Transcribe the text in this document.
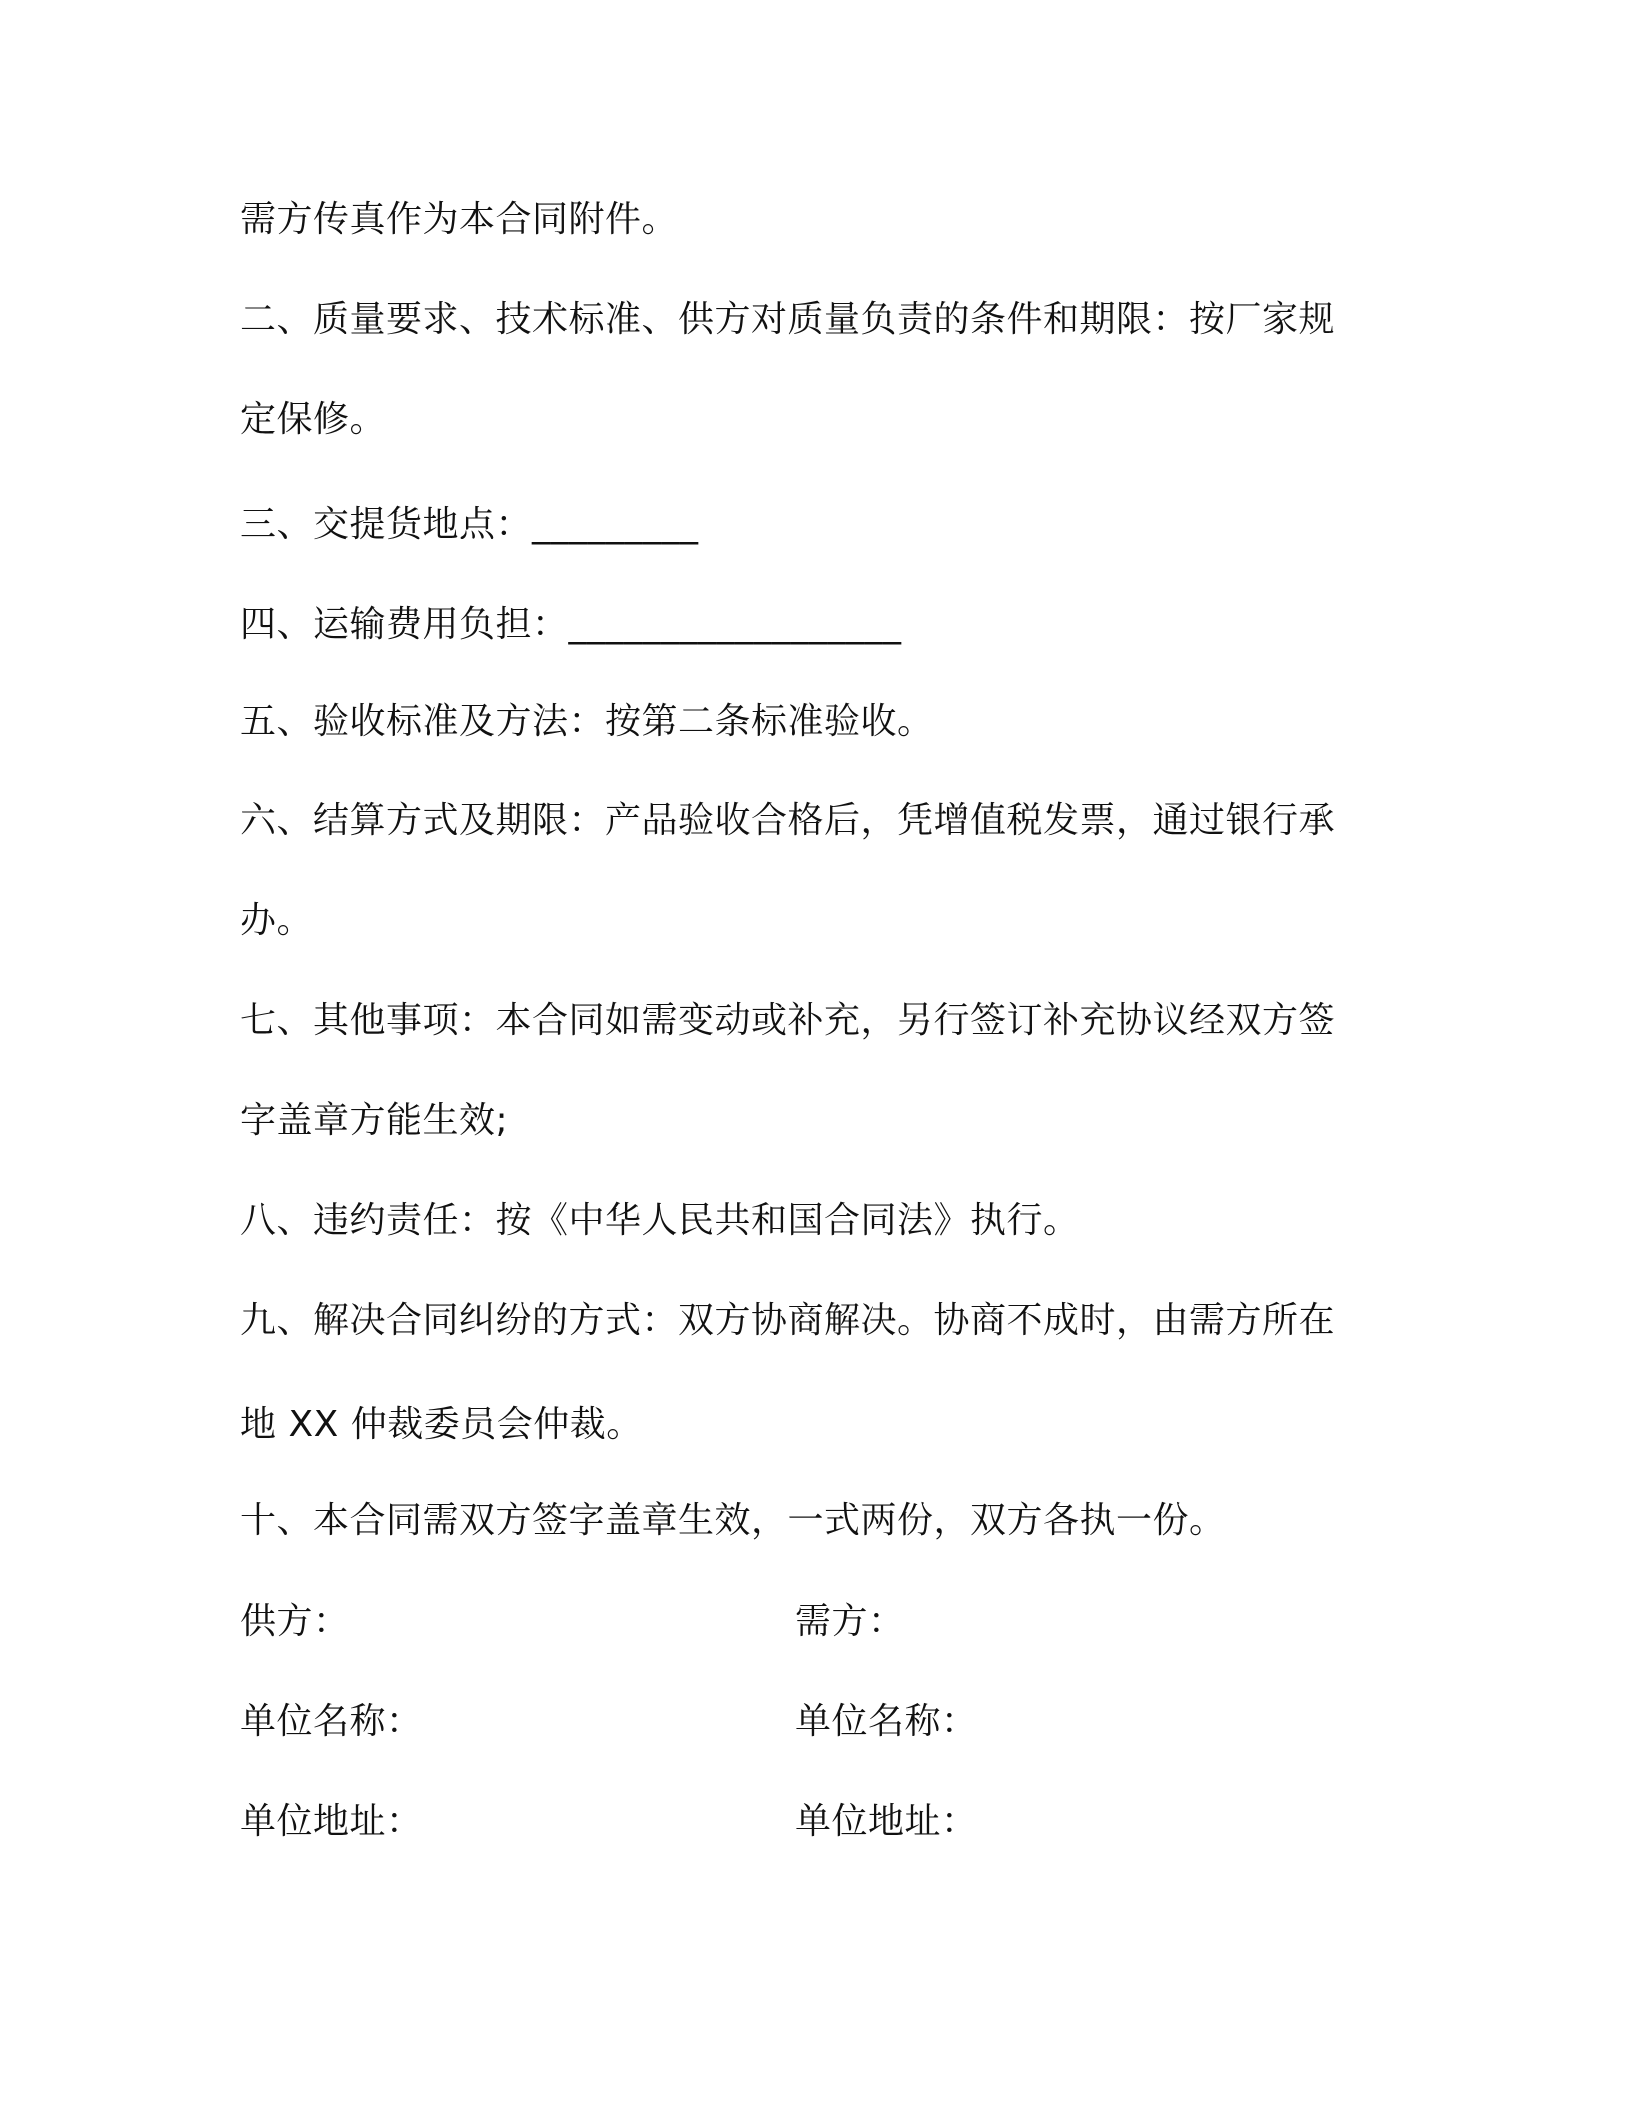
需方传真作为本合同附件。
二、质量要求、技术标准、供方对质量负责的条件和期限：按厂家规
定保修。
三、交提货地点：_________
四、运输费用负担：__________________
五、验收标准及方法：按第二条标准验收。
六、结算方式及期限：产品验收合格后，凭增值税发票，通过银行承
办。
七、其他事项：本合同如需变动或补充，另行签订补充协议经双方签
字盖章方能生效;
八、违约责任：按《中华人民共和国合同法》执行。
九、解决合同纠纷的方式：双方协商解决。协商不成时，由需方所在
地 XX 仲裁委员会仲裁。
十、本合同需双方签字盖章生效，一式两份，双方各执一份。
供方：	需方：
单位名称：	单位名称：
单位地址：	单位地址：
